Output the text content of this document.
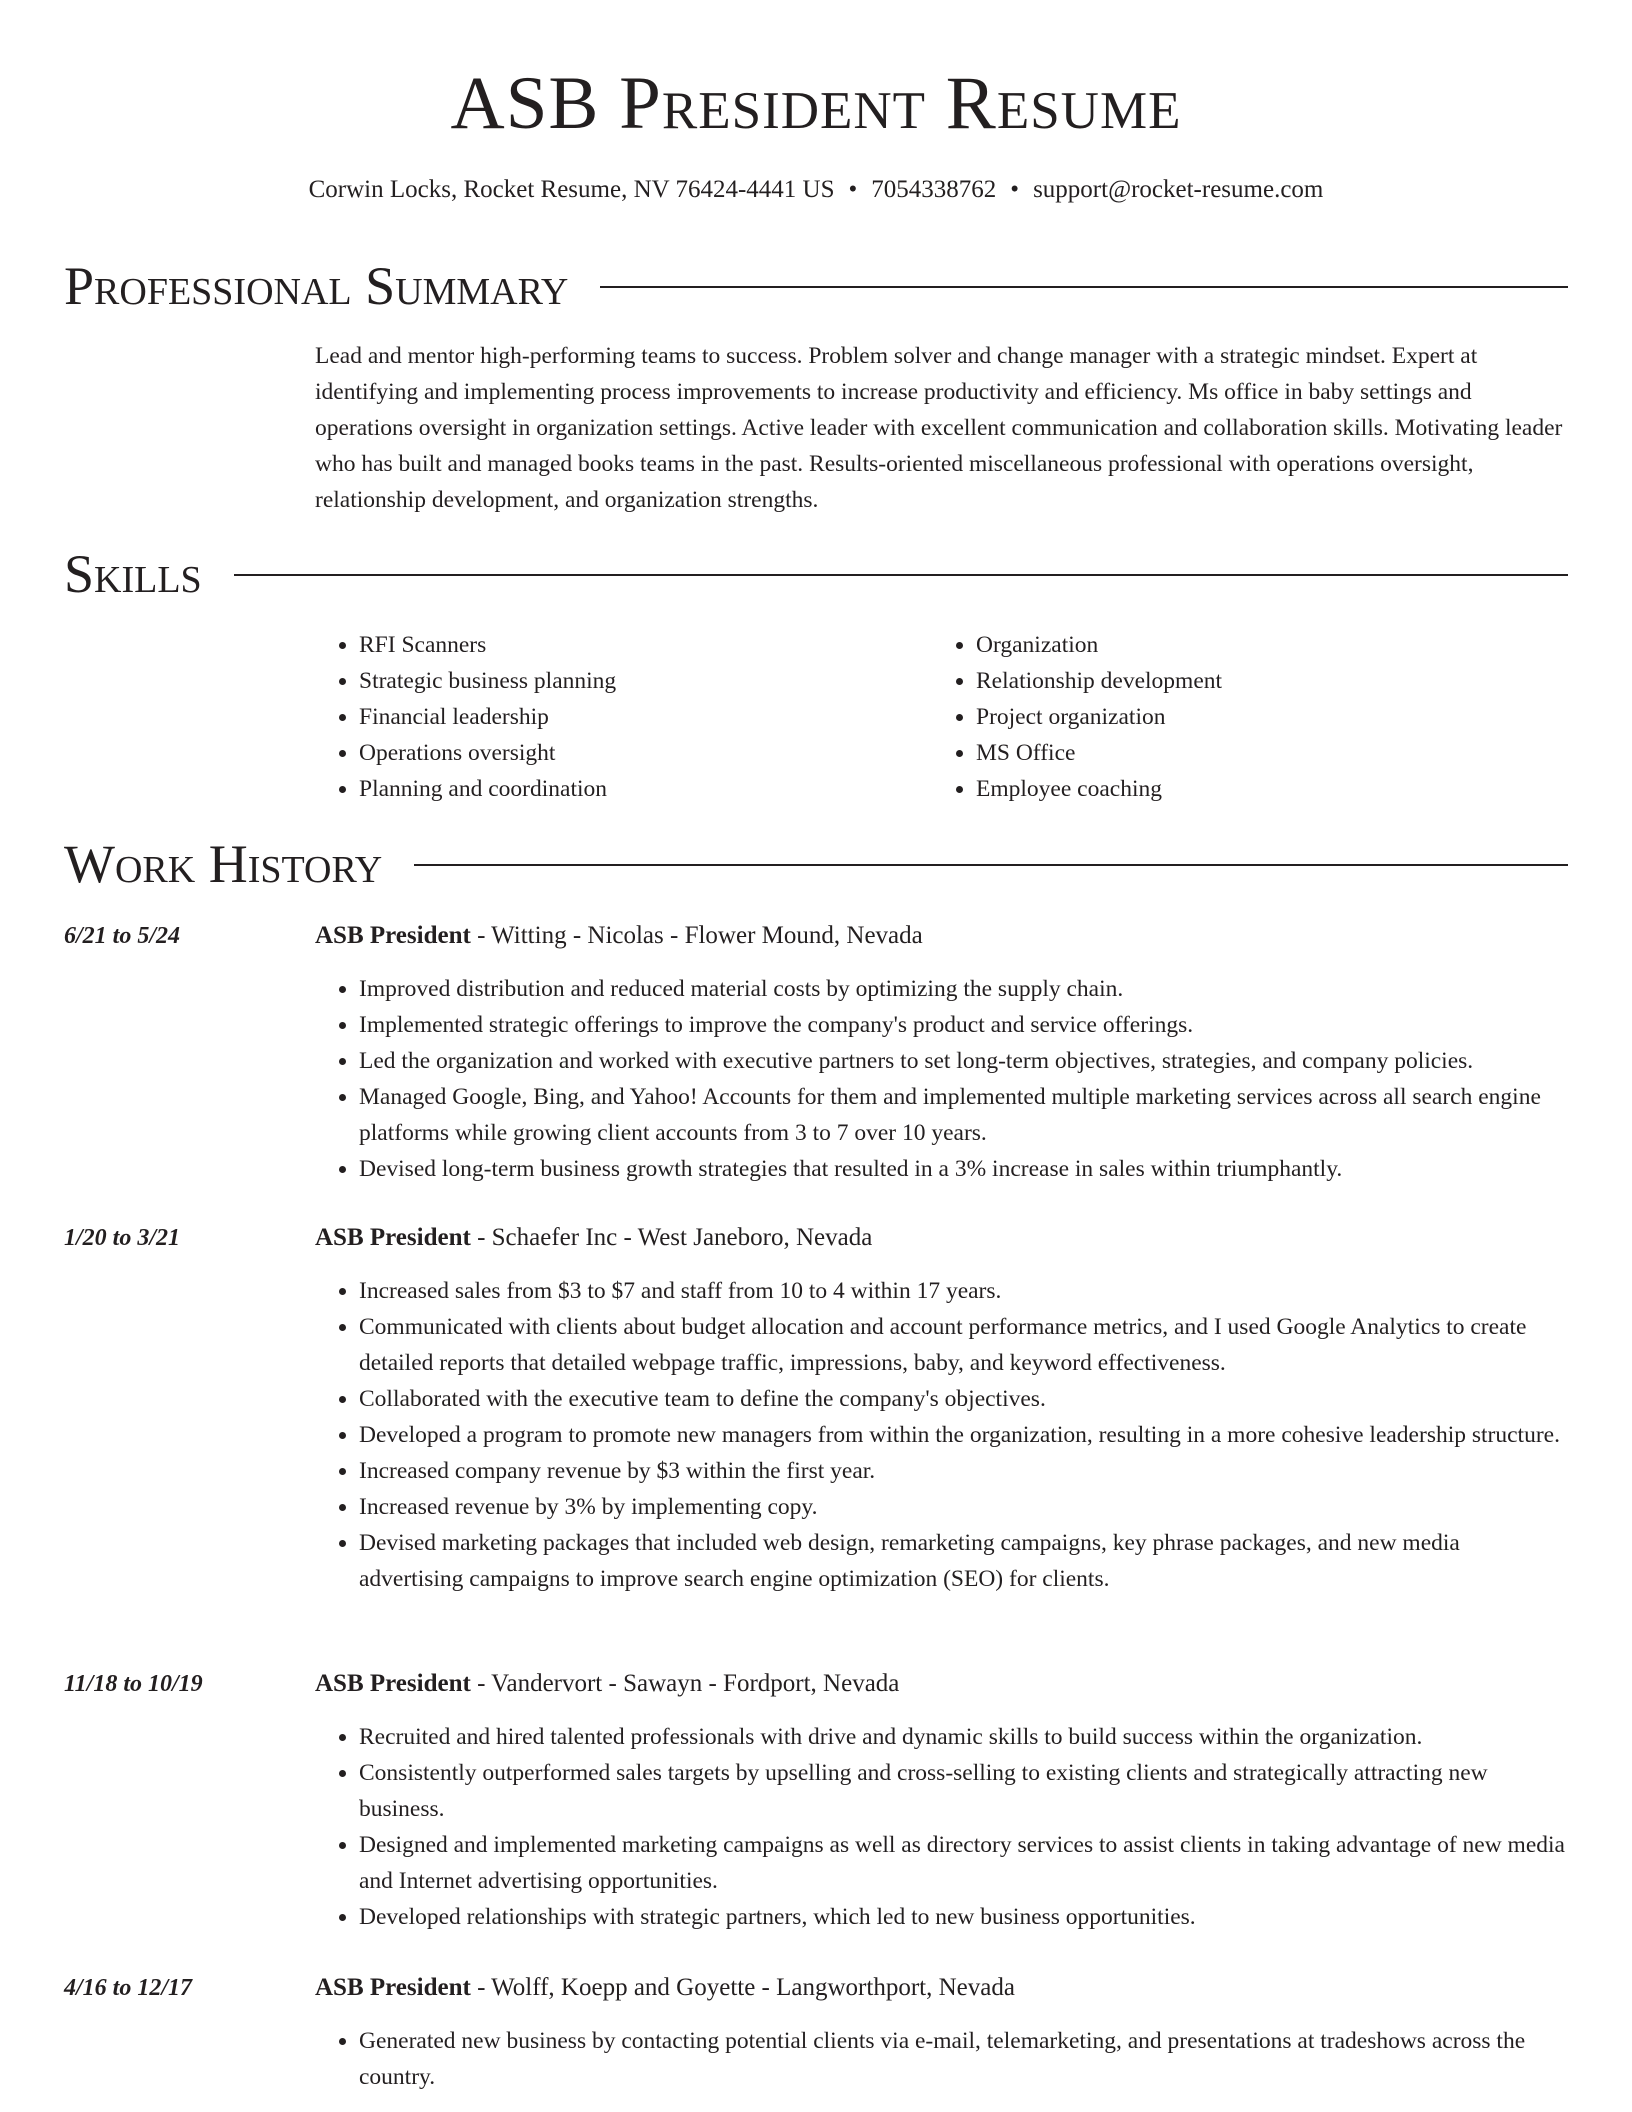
ASB President Resume
Corwin Locks, Rocket Resume, NV 76424-4441 US • 7054338762 • support@rocket-resume.com
Professional Summary

Lead and mentor high-performing teams to success. Problem solver and change manager with a strategic mindset. Expert at identifying and implementing process improvements to increase productivity and efficiency. Ms office in baby settings and operations oversight in organization settings. Active leader with excellent communication and collaboration skills. Motivating leader who has built and managed books teams in the past. Results-oriented miscellaneous professional with operations oversight, relationship development, and organization strengths.

Skills
• RFI Scanners
• Strategic business planning
• Financial leadership
• Operations oversight
• Planning and coordination
• Organization
• Relationship development
• Project organization
• MS Office
• Employee coaching
Work History
6/21 to 5/24	ASB President - Witting - Nicolas - Flower Mound, Nevada
• Improved distribution and reduced material costs by optimizing the supply chain.
• Implemented strategic offerings to improve the company's product and service offerings.
• Led the organization and worked with executive partners to set long-term objectives, strategies, and company policies.
• Managed Google, Bing, and Yahoo! Accounts for them and implemented multiple marketing services across all search engine platforms while growing client accounts from 3 to 7 over 10 years.
• Devised long-term business growth strategies that resulted in a 3% increase in sales within triumphantly.
1/20 to 3/21	ASB President - Schaefer Inc - West Janeboro, Nevada
• Increased sales from $3 to $7 and staff from 10 to 4 within 17 years.
• Communicated with clients about budget allocation and account performance metrics, and I used Google Analytics to create detailed reports that detailed webpage traffic, impressions, baby, and keyword effectiveness.
• Collaborated with the executive team to define the company's objectives.
• Developed a program to promote new managers from within the organization, resulting in a more cohesive leadership structure.
• Increased company revenue by $3 within the first year.
• Increased revenue by 3% by implementing copy.
• Devised marketing packages that included web design, remarketing campaigns, key phrase packages, and new media advertising campaigns to improve search engine optimization (SEO) for clients.
11/18 to 10/19	ASB President - Vandervort - Sawayn - Fordport, Nevada
• Recruited and hired talented professionals with drive and dynamic skills to build success within the organization.
• Consistently outperformed sales targets by upselling and cross-selling to existing clients and strategically attracting new business.
• Designed and implemented marketing campaigns as well as directory services to assist clients in taking advantage of new media and Internet advertising opportunities.
• Developed relationships with strategic partners, which led to new business opportunities.
4/16 to 12/17	ASB President - Wolff, Koepp and Goyette - Langworthport, Nevada
• Generated new business by contacting potential clients via e-mail, telemarketing, and presentations at tradeshows across the country.
